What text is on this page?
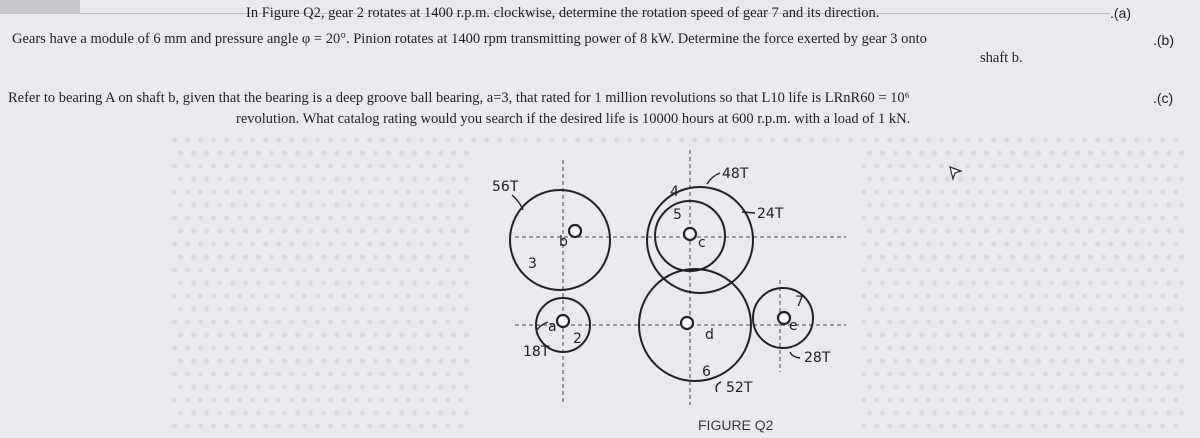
In Figure Q2, gear 2 rotates at 1400 r.p.m. clockwise, determine the rotation speed of gear 7 and its direction.	.(a)
Gears have a module of 6 mm and pressure angle φ = 20°. Pinion rotates at 1400 rpm transmitting power of 8 kW. Determine the force exerted by gear 3 onto
shaft b.
.(b)
Refer to bearing A on shaft b, given that the bearing is a deep groove ball bearing, a=3, that rated for 1 million revolutions so that L10 life is LRnR60 = 10⁶
revolution. What catalog rating would you search if the desired life is 10000 hours at 600 r.p.m. with a load of 1 kN.
.(c)
56T
48T
24T
18T
52T
28T
3
4
5
2
6
7
a
b	c
d
e
FIGURE Q2
